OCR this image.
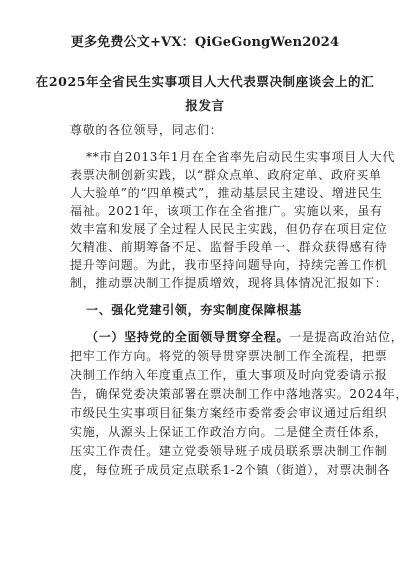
更多免费公文+VX：QiGeGongWen2024
在2025年全省民生实事项目人大代表票决制座谈会上的汇
报发言
尊敬的各位领导，同志们：
**市自2013年1月在全省率先启动民生实事项目人大代
表票决制创新实践，以“群众点单、政府定单、政府买单
人大验单”的“四单模式”，推动基层民主建设、增进民生
福祉。2021年，该项工作在全省推广。实施以来，虽有
效丰富和发展了全过程人民民主实践，但仍存在项目定位
欠精准、前期筹备不足、监督手段单一、群众获得感有待
提升等问题。为此，我市坚持问题导向，持续完善工作机
制，推动票决制工作提质增效，现将具体情况汇报如下：
一、强化党建引领，夯实制度保障根基
（一）坚持党的全面领导贯穿全程。一是提高政治站位，
把牢工作方向。将党的领导贯穿票决制工作全流程，把票
决制工作纳入年度重点工作，重大事项及时向党委请示报
告，确保党委决策部署在票决制工作中落地落实。2024年，
市级民生实事项目征集方案经市委常委会审议通过后组织
实施，从源头上保证工作政治方向。二是健全责任体系，
压实工作责任。建立党委领导班子成员联系票决制工作制
度，每位班子成员定点联系1-2个镇（街道），对票决制各
